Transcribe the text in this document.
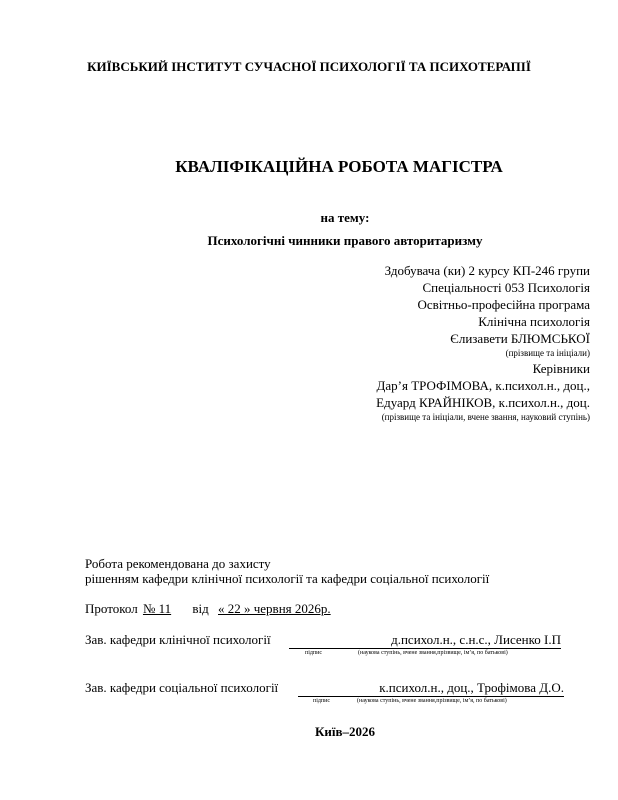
КИЇВСЬКИЙ ІНСТИТУТ СУЧАСНОЇ ПСИХОЛОГІЇ ТА ПСИХОТЕРАПІЇ
КВАЛІФІКАЦІЙНА РОБОТА МАГІСТРА
на тему:
Психологічні чинники правого авторитаризму
Здобувача (ки) 2 курсу КП-246 групи
Спеціальності 053 Психологія
Освітньо-професійна програма
Клінічна психологія
Єлизавети БЛЮМСЬКОЇ
(прізвище та ініціали)
Керівники
Дар’я ТРОФІМОВА, к.психол.н., доц.,
Едуард КРАЙНІКОВ, к.психол.н., доц.
(прізвище та ініціали, вчене звання, науковий ступінь)
Робота рекомендована до захисту
рішенням кафедри клінічної психології та кафедри соціальної психології
Протокол № 11 від « 22 » червня 2026р.
Зав. кафедри клінічної психології	д.психол.н., с.н.с., Лисенко І.П
підпис	(наукова ступінь, вчене звання,прізвище, ім’я, по батькові)
Зав. кафедри соціальної психології	к.психол.н., доц., Трофімова Д.О.
підпис	(наукова ступінь, вчене звання,прізвище, ім’я, по батькові)
Київ–2026
